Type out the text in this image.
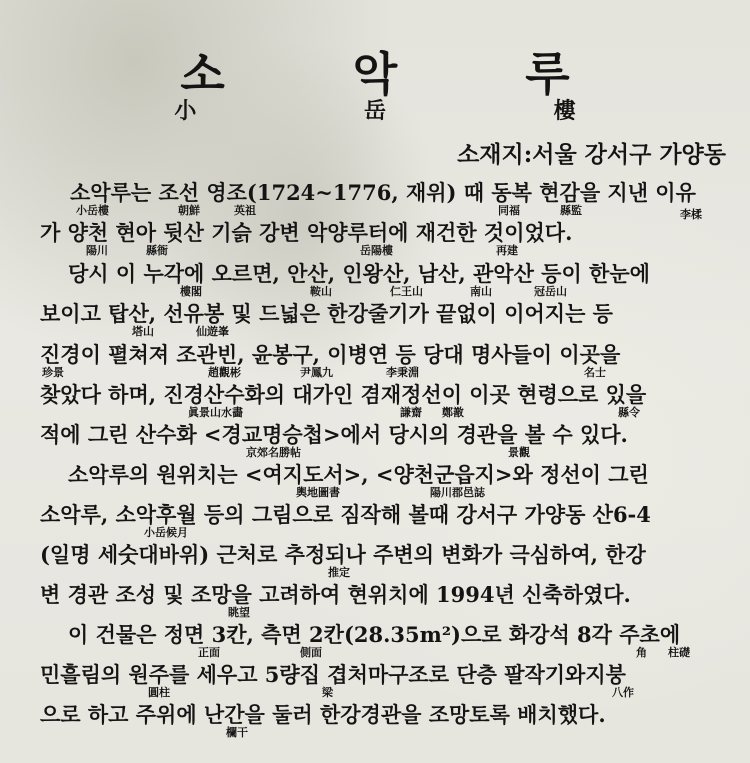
소 악 루
小 岳 樓
소재지:서울 강서구 가양동
소악루는 조선 영조(1724~1776, 재위) 때 동복 현감을 지낸 이유
小岳樓	朝鮮	英祖	同福	縣監	李楺
가 양천 현아 뒷산 기슭 강변 악양루터에 재건한 것이었다.
陽川	縣衙	岳陽樓	再建
당시 이 누각에 오르면, 안산, 인왕산, 남산, 관악산 등이 한눈에
樓閣	鞍山	仁王山	南山	冠岳山
보이고 탑산, 선유봉 및 드넓은 한강줄기가 끝없이 이어지는 등
塔山	仙遊峯
진경이 펼쳐져 조관빈, 윤봉구, 이병연 등 당대 명사들이 이곳을
珍景	趙觀彬	尹鳳九	李秉淵	名士
찾았다 하며, 진경산수화의 대가인 겸재정선이 이곳 현령으로 있을
眞景山水畵	謙齋 鄭敾	縣令
적에 그린 산수화 <경교명승첩>에서 당시의 경관을 볼 수 있다.
京郊名勝帖	景觀
소악루의 원위치는 <여지도서>, <양천군읍지>와 정선이 그린
輿地圖書	陽川郡邑誌
소악루, 소악후월 등의 그림으로 짐작해 볼때 강서구 가양동 산6-4
小岳候月
(일명 세숫대바위) 근처로 추정되나 주변의 변화가 극심하여, 한강
推定
변 경관 조성 및 조망을 고려하여 현위치에 1994년 신축하였다.
眺望
이 건물은 정면 3칸, 측면 2칸(28.35m²)으로 화강석 8각 주초에
正面	側面	角 柱礎
민흘림의 원주를 세우고 5량집 겹처마구조로 단층 팔작기와지붕
圓柱	梁	八作
으로 하고 주위에 난간을 둘러 한강경관을 조망토록 배치했다.
欄干
